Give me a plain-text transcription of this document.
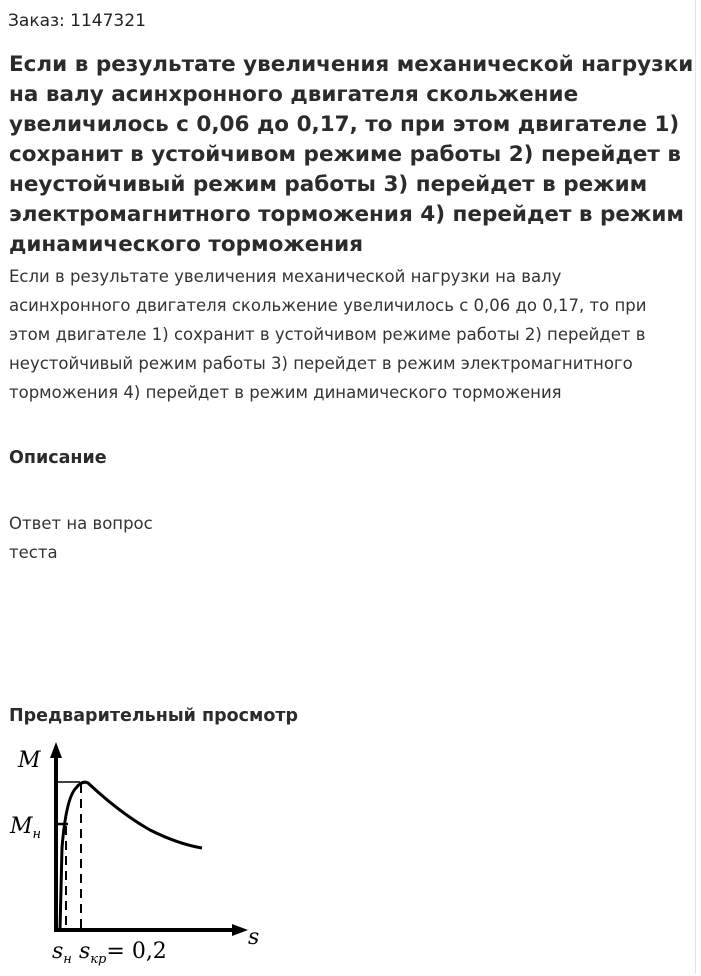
Заказ: 1147321
Если в результате увеличения механической нагрузки на валу асинхронного двигателя скольжение увеличилось с 0,06 до 0,17, то при этом двигателе 1) сохранит в устойчивом режиме работы 2) перейдет в неустойчивый режим работы 3) перейдет в режим электромагнитного торможения 4) перейдет в режим динамического торможения

Если в результате увеличения механической нагрузки на валу асинхронного двигателя скольжение увеличилось с 0,06 до 0,17, то при этом двигателе 1) сохранит в устойчивом режиме работы 2) перейдет в неустойчивый режим работы 3) перейдет в режим электромагнитного торможения 4) перейдет в режим динамического торможения

Описание

Ответ на вопрос теста

Предварительный просмотр
M
s
$M_н$
$s_н$ $s_{кр}= 0,2$
